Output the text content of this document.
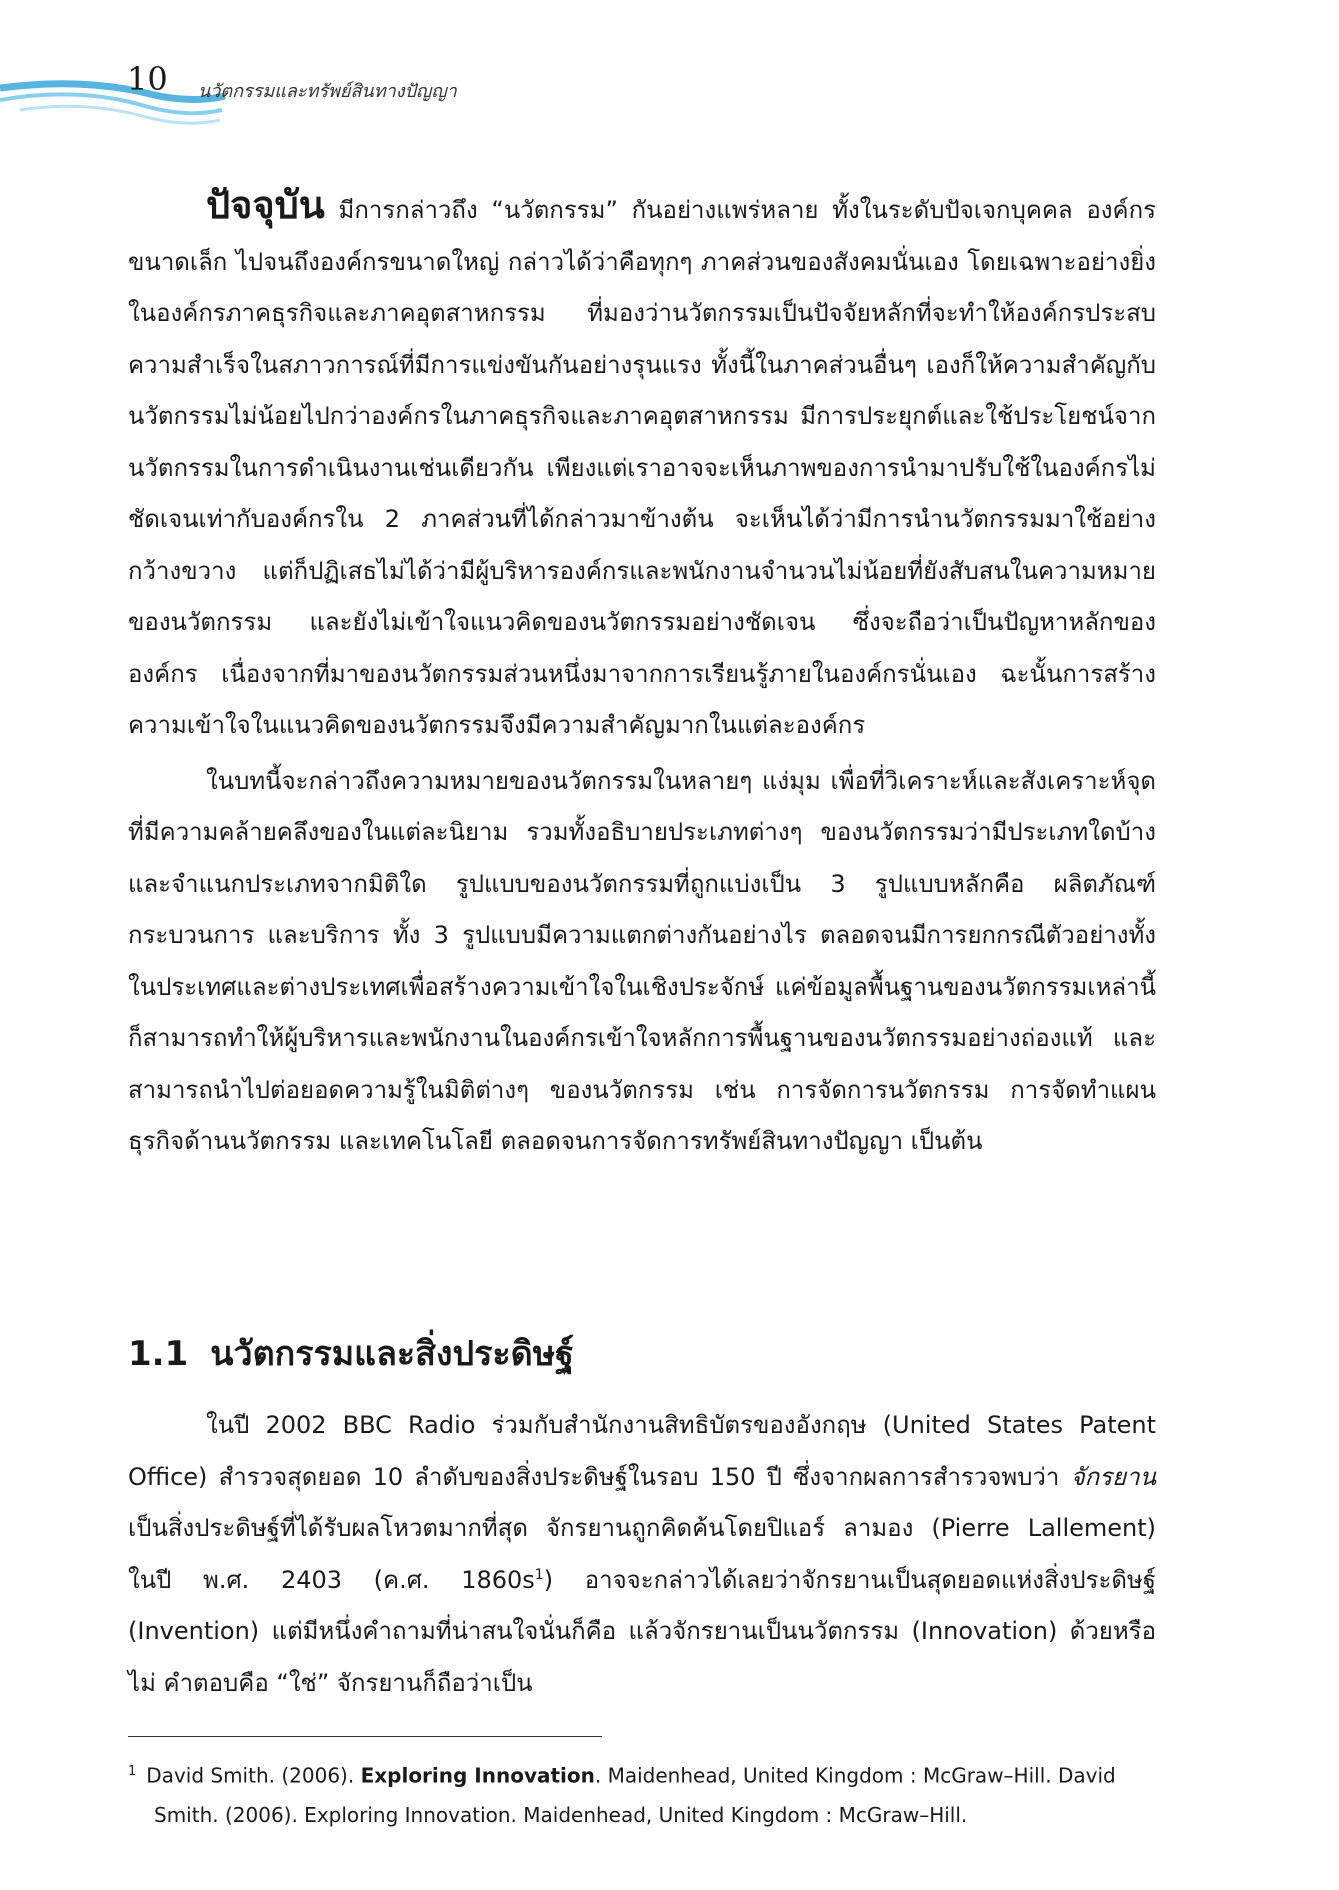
10 นวัตกรรมและทรัพย์สินทางปัญญา

ปัจจุบัน มีการกล่าวถึง “นวัตกรรม” กันอย่างแพร่หลาย ทั้งในระดับปัจเจกบุคคล องค์กรขนาดเล็ก ไปจนถึงองค์กรขนาดใหญ่ กล่าวได้ว่าคือทุกๆ ภาคส่วนของสังคมนั่นเอง โดยเฉพาะอย่างยิ่งในองค์กรภาคธุรกิจและภาคอุตสาหกรรม ที่มองว่านวัตกรรมเป็นปัจจัยหลักที่จะทำให้องค์กรประสบความสำเร็จในสภาวการณ์ที่มีการแข่งขันกันอย่างรุนแรง ทั้งนี้ในภาคส่วนอื่นๆ เองก็ให้ความสำคัญกับนวัตกรรมไม่น้อยไปกว่าองค์กรในภาคธุรกิจและภาคอุตสาหกรรม มีการประยุกต์และใช้ประโยชน์จากนวัตกรรมในการดำเนินงานเช่นเดียวกัน เพียงแต่เราอาจจะเห็นภาพของการนำมาปรับใช้ในองค์กรไม่ชัดเจนเท่ากับองค์กรใน 2 ภาคส่วนที่ได้กล่าวมาข้างต้น จะเห็นได้ว่ามีการนำนวัตกรรมมาใช้อย่างกว้างขวาง แต่ก็ปฏิเสธไม่ได้ว่ามีผู้บริหารองค์กรและพนักงานจำนวนไม่น้อยที่ยังสับสนในความหมายของนวัตกรรม และยังไม่เข้าใจแนวคิดของนวัตกรรมอย่างชัดเจน ซึ่งจะถือว่าเป็นปัญหาหลักขององค์กร เนื่องจากที่มาของนวัตกรรมส่วนหนึ่งมาจากการเรียนรู้ภายในองค์กรนั่นเอง ฉะนั้นการสร้างความเข้าใจในแนวคิดของนวัตกรรมจึงมีความสำคัญมากในแต่ละองค์กร

ในบทนี้จะกล่าวถึงความหมายของนวัตกรรมในหลายๆ แง่มุม เพื่อที่วิเคราะห์และสังเคราะห์จุดที่มีความคล้ายคลึงของในแต่ละนิยาม รวมทั้งอธิบายประเภทต่างๆ ของนวัตกรรมว่ามีประเภทใดบ้าง และจำแนกประเภทจากมิติใด รูปแบบของนวัตกรรมที่ถูกแบ่งเป็น 3 รูปแบบหลักคือ ผลิตภัณฑ์ กระบวนการ และบริการ ทั้ง 3 รูปแบบมีความแตกต่างกันอย่างไร ตลอดจนมีการยกกรณีตัวอย่างทั้งในประเทศและต่างประเทศเพื่อสร้างความเข้าใจในเชิงประจักษ์ แค่ข้อมูลพื้นฐานของนวัตกรรมเหล่านี้ก็สามารถทำให้ผู้บริหารและพนักงานในองค์กรเข้าใจหลักการพื้นฐานของนวัตกรรมอย่างถ่องแท้ และสามารถนำไปต่อยอดความรู้ในมิติต่างๆ ของนวัตกรรม เช่น การจัดการนวัตกรรม การจัดทำแผนธุรกิจด้านนวัตกรรม และเทคโนโลยี ตลอดจนการจัดการทรัพย์สินทางปัญญา เป็นต้น

1.1 นวัตกรรมและสิ่งประดิษฐ์

ในปี 2002 BBC Radio ร่วมกับสำนักงานสิทธิบัตรของอังกฤษ (United States Patent Office) สำรวจสุดยอด 10 ลำดับของสิ่งประดิษฐ์ในรอบ 150 ปี ซึ่งจากผลการสำรวจพบว่า จักรยาน เป็นสิ่งประดิษฐ์ที่ได้รับผลโหวตมากที่สุด จักรยานถูกคิดค้นโดยปิแอร์ ลามอง (Pierre Lallement) ในปี พ.ศ. 2403 (ค.ศ. $1860s^1$) อาจจะกล่าวได้เลยว่าจักรยานเป็นสุดยอดแห่งสิ่งประดิษฐ์ (Invention) แต่มีหนึ่งคำถามที่น่าสนใจนั่นก็คือ แล้วจักรยานเป็นนวัตกรรม (Innovation) ด้วยหรือไม่ คำตอบคือ “ใช่” จักรยานก็ถือว่าเป็น

$^1$ David Smith. (2006). Exploring Innovation. Maidenhead, United Kingdom : McGraw–Hill. David
Smith. (2006). Exploring Innovation. Maidenhead, United Kingdom : McGraw–Hill.
